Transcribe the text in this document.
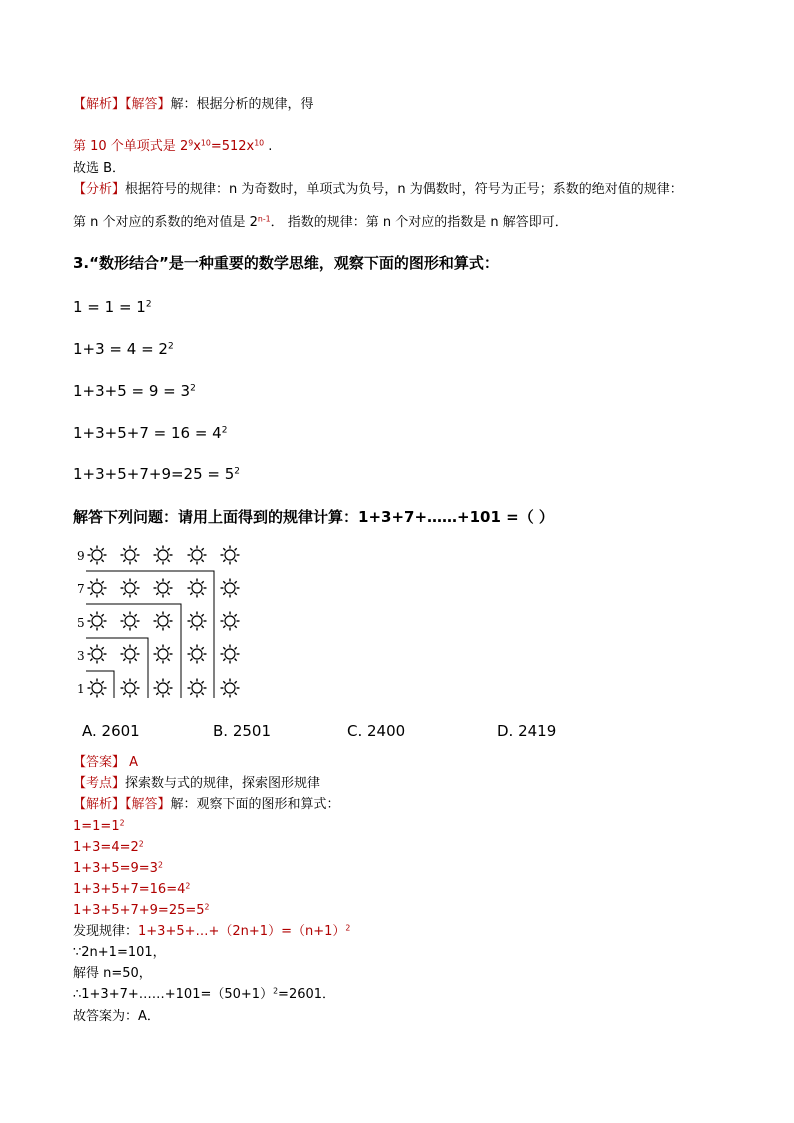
【解析】【解答】解：根据分析的规律，得
第 10 个单项式是 $2^9x^{10}=512x^{10}$ .
故选 B．
【分析】根据符号的规律：n 为奇数时，单项式为负号，n 为偶数时，符号为正号；系数的绝对值的规律：
第 n 个对应的系数的绝对值是 2$^{n-1}$． 指数的规律：第 n 个对应的指数是 n 解答即可．
3.“数形结合”是一种重要的数学思维，观察下面的图形和算式：
$1 = 1 = 1^2$
$1+3 = 4 = 2^2$
$1+3+5 = 9 = 3^2$
$1+3+5+7 = 16 = 4^2$
$1+3+5+7+9=25 = 5^2$
解答下列问题：请用上面得到的规律计算：1+3+7+……+101 =（ ）
9
7
5
3
1
A. 2601	B. 2501	C. 2400	D. 2419
【答案】 A
【考点】探索数与式的规律，探索图形规律
【解析】【解答】解：观察下面的图形和算式：
$1=1=1^2$
$1+3=4=2^2$
$1+3+5=9=3^2$
$1+3+5+7=16=4^2$
$1+3+5+7+9=25=5^2$
发现规律：$1+3+5+\dots+(2n+1)=(n+1)^2$
∵2n+1=101，
解得 n=50，
$\therefore 1+3+7+\dots\dots+101=(50+1)^2=2601$．
故答案为：A．
